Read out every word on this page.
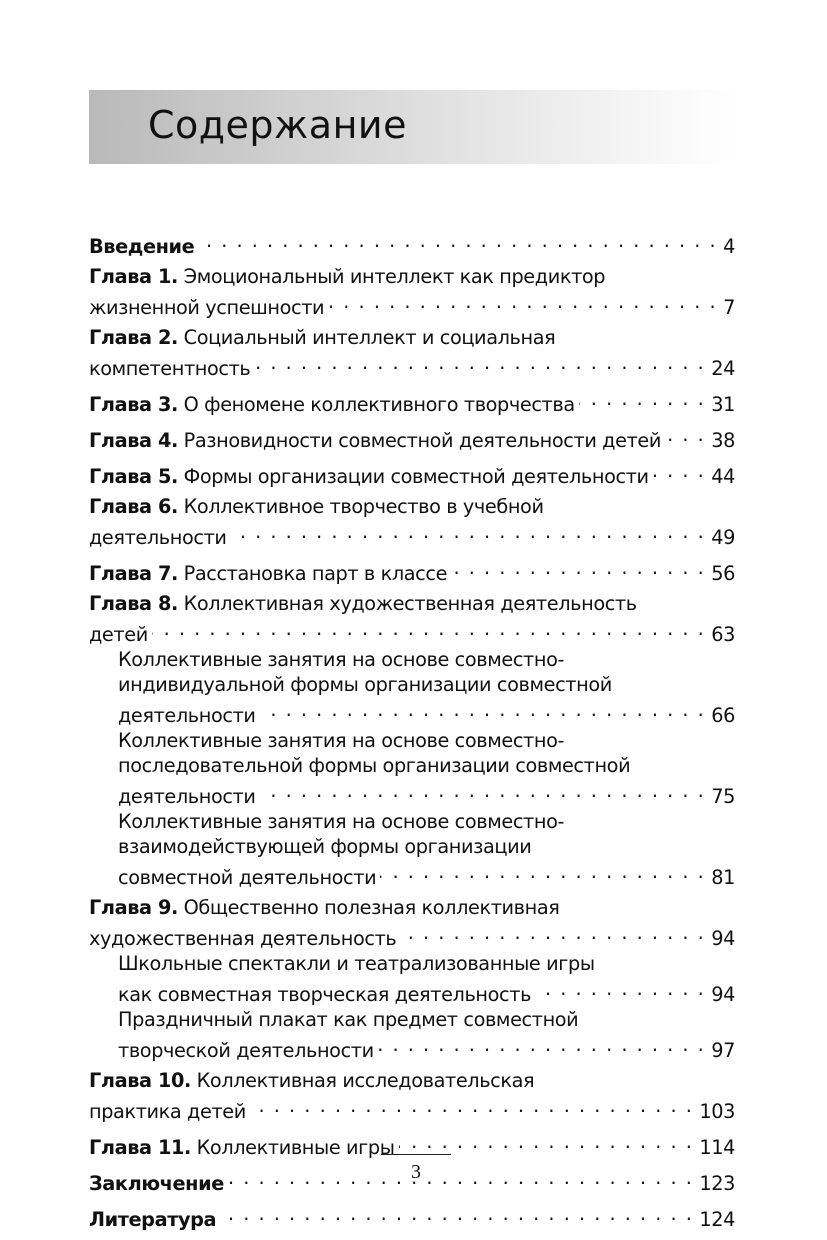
Содержание
Введение . . .	4
Глава 1. Эмоциональный интеллект как предиктор
жизненной успешности . . .	7
Глава 2. Социальный интеллект и социальная
компетентность . . .	24
Глава 3. О феномене коллективного творчества . . .	31
Глава 4. Разновидности совместной деятельности детей . . .	38
Глава 5. Формы организации совместной деятельности . . .	44
Глава 6. Коллективное творчество в учебной
деятельности . . .	49
Глава 7. Расстановка парт в классе . . .	56
Глава 8. Коллективная художественная деятельность
детей . . .	63
Коллективные занятия на основе совместно-
индивидуальной формы организации совместной
деятельности . . .	66
Коллективные занятия на основе совместно-
последовательной формы организации совместной
деятельности . . .	75
Коллективные занятия на основе совместно-
взаимодействующей формы организации
совместной деятельности . . .	81
Глава 9. Общественно полезная коллективная
художественная деятельность . . .	94
Школьные спектакли и театрализованные игры
как совместная творческая деятельность . . .	94
Праздничный плакат как предмет совместной
творческой деятельности . . .	97
Глава 10. Коллективная исследовательская
практика детей . . .	103
Глава 11. Коллективные игры . . .	114
Заключение . . .	123
Литература . . .	124
3
